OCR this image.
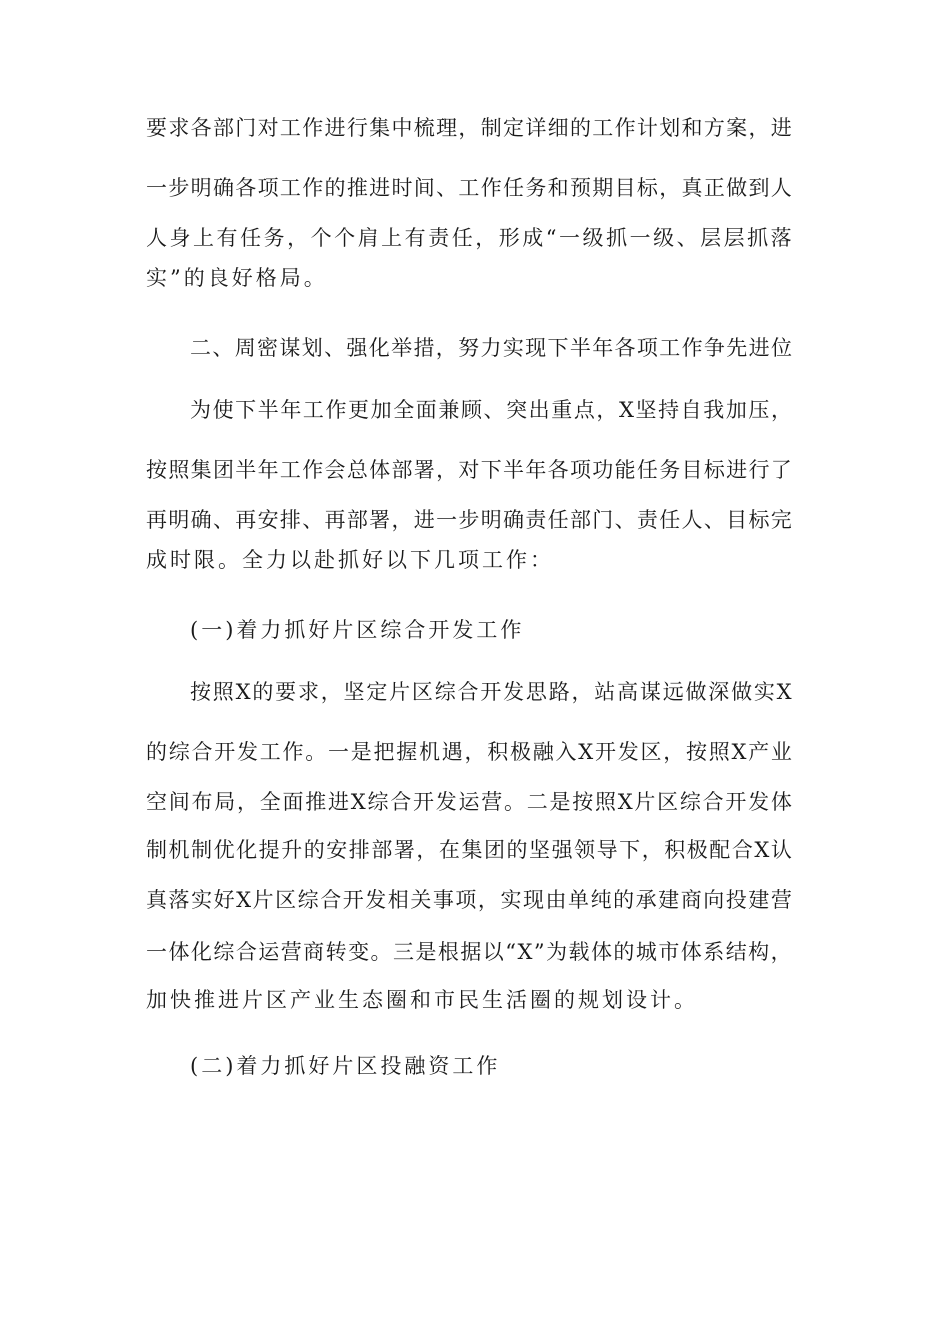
要 求 各 部 门 对 工 作 进 行 集 中 梳 理 ， 制 定 详 细 的 工 作 计 划 和 方 案 ， 进
一 步 明 确 各 项 工 作 的 推 进 时 间 、 工 作 任 务 和 预 期 目 标 ， 真 正 做 到 人
人 身 上 有 任 务 ， 个 个 肩 上 有 责 任 ， 形 成 “ 一 级 抓 一 级 、 层 层 抓 落
实”的良好格局。
二 、 周 密 谋 划 、 强 化 举 措 ， 努 力 实 现 下 半 年 各 项 工 作 争 先 进 位
为 使 下 半 年 工 作 更 加 全 面 兼 顾 、 突 出 重 点 ， X 坚 持 自 我 加 压 ，
按 照 集 团 半 年 工 作 会 总 体 部 署 ， 对 下 半 年 各 项 功 能 任 务 目 标 进 行 了
再 明 确 、 再 安 排 、 再 部 署 ， 进 一 步 明 确 责 任 部 门 、 责 任 人 、 目 标 完
成时限。全力以赴抓好以下几项工作：
(一)着力抓好片区综合开发工作
按 照 X 的 要 求 ， 坚 定 片 区 综 合 开 发 思 路 ， 站 高 谋 远 做 深 做 实 X
的 综 合 开 发 工 作 。 一 是 把 握 机 遇 ， 积 极 融 入 X 开 发 区 ， 按 照 X 产 业
空 间 布 局 ， 全 面 推 进 X 综 合 开 发 运 营 。 二 是 按 照 X 片 区 综 合 开 发 体
制 机 制 优 化 提 升 的 安 排 部 署 ， 在 集 团 的 坚 强 领 导 下 ， 积 极 配 合 X 认
真 落 实 好 X 片 区 综 合 开 发 相 关 事 项 ， 实 现 由 单 纯 的 承 建 商 向 投 建 营
一 体 化 综 合 运 营 商 转 变 。 三 是 根 据 以 “ X ” 为 载 体 的 城 市 体 系 结 构 ，
加快推进片区产业生态圈和市民生活圈的规划设计。
(二)着力抓好片区投融资工作
